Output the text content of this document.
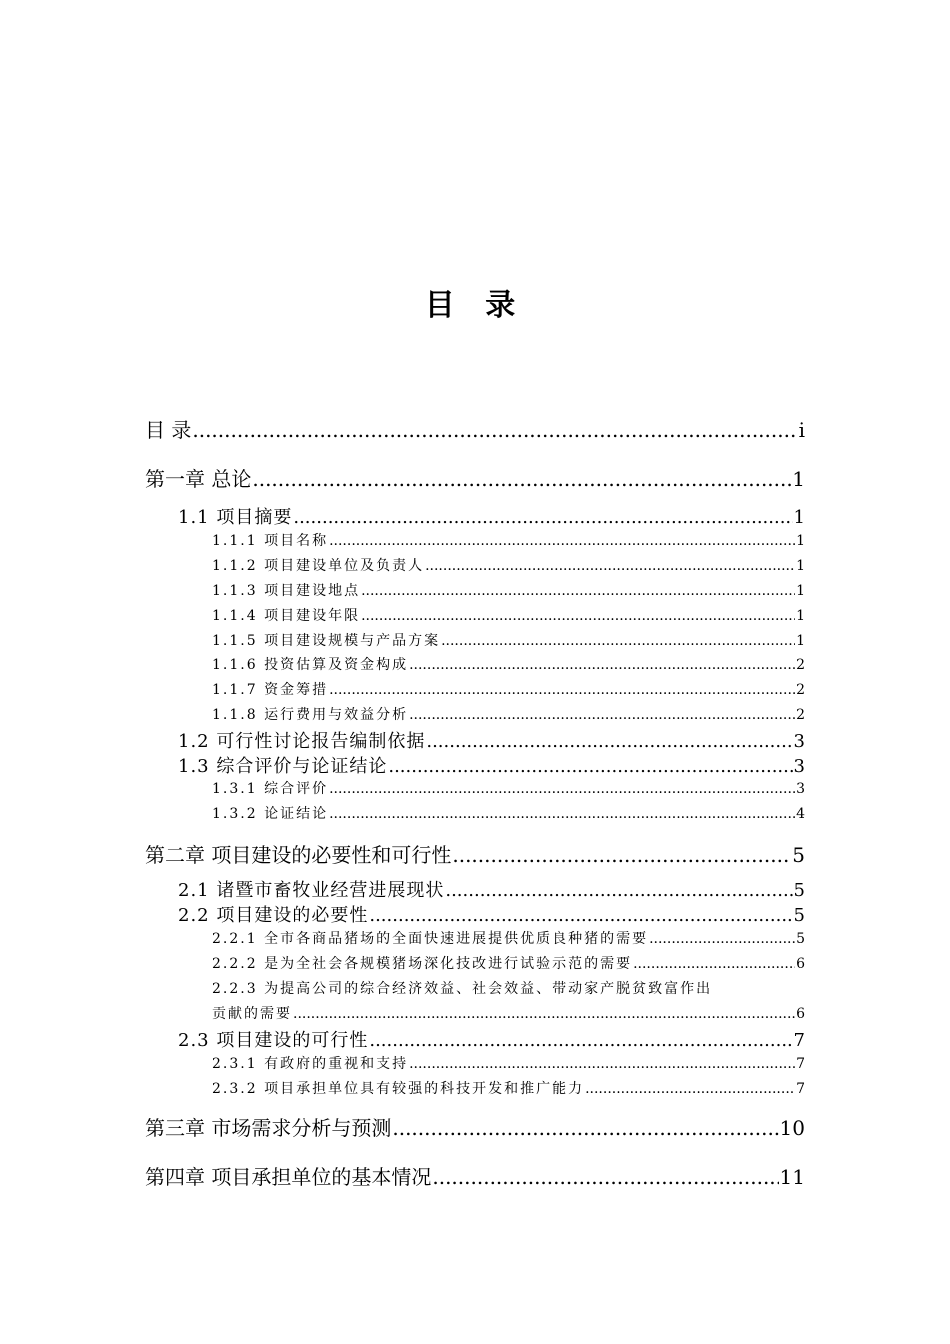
目 录
目 录 .....	i
第一章 总论 .....	1
1.1 项目摘要 .....	1
1.1.1 项目名称 .....	1
1.1.2 项目建设单位及负责人 .....	1
1.1.3 项目建设地点 .....	1
1.1.4 项目建设年限 .....	1
1.1.5 项目建设规模与产品方案 .....	1
1.1.6 投资估算及资金构成 .....	2
1.1.7 资金筹措 .....	2
1.1.8 运行费用与效益分析 .....	2
1.2 可行性讨论报告编制依据 .....	3
1.3 综合评价与论证结论 .....	3
1.3.1 综合评价 .....	3
1.3.2 论证结论 .....	4
第二章 项目建设的必要性和可行性 .....	5
2.1 诸暨市畜牧业经营进展现状 .....	5
2.2 项目建设的必要性 .....	5
2.2.1 全市各商品猪场的全面快速进展提供优质良种猪的需要 .....	5
2.2.2 是为全社会各规模猪场深化技改进行试验示范的需要 .....	6
2.2.3 为提高公司的综合经济效益、社会效益、带动家产脱贫致富作出
贡献的需要 .....	6
2.3 项目建设的可行性 .....	7
2.3.1 有政府的重视和支持 .....	7
2.3.2 项目承担单位具有较强的科技开发和推广能力 .....	7
第三章 市场需求分析与预测 .....	10
第四章 项目承担单位的基本情况 .....	11
